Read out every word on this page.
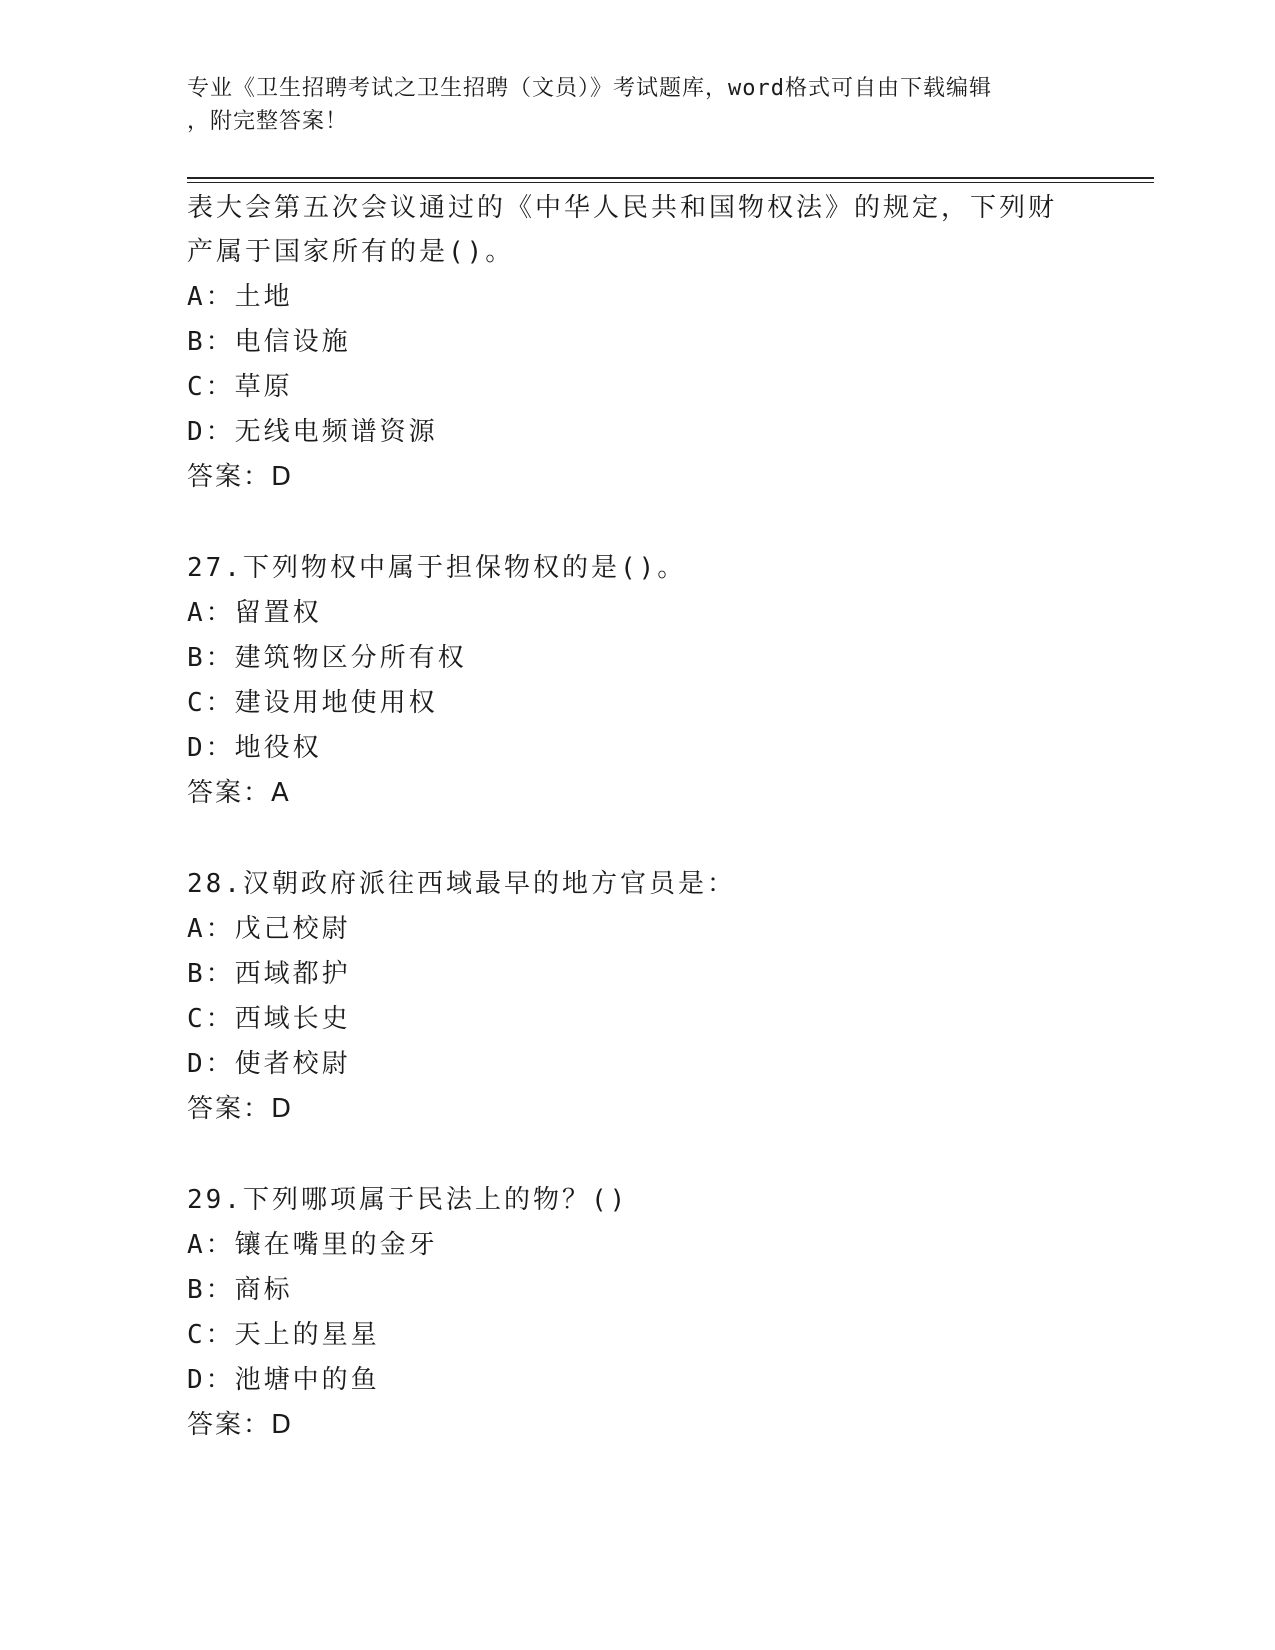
专业《卫生招聘考试之卫生招聘（文员）》考试题库，word格式可自由下载编辑
，附完整答案！
表大会第五次会议通过的《中华人民共和国物权法》的规定，下列财
产属于国家所有的是()。
A：土地
B：电信设施
C：草原
D：无线电频谱资源
答案：D
27.下列物权中属于担保物权的是()。
A：留置权
B：建筑物区分所有权
C：建设用地使用权
D：地役权
答案：A
28.汉朝政府派往西域最早的地方官员是：
A：戊己校尉
B：西域都护
C：西域长史
D：使者校尉
答案：D
29.下列哪项属于民法上的物？()
A：镶在嘴里的金牙
B：商标
C：天上的星星
D：池塘中的鱼
答案：D
